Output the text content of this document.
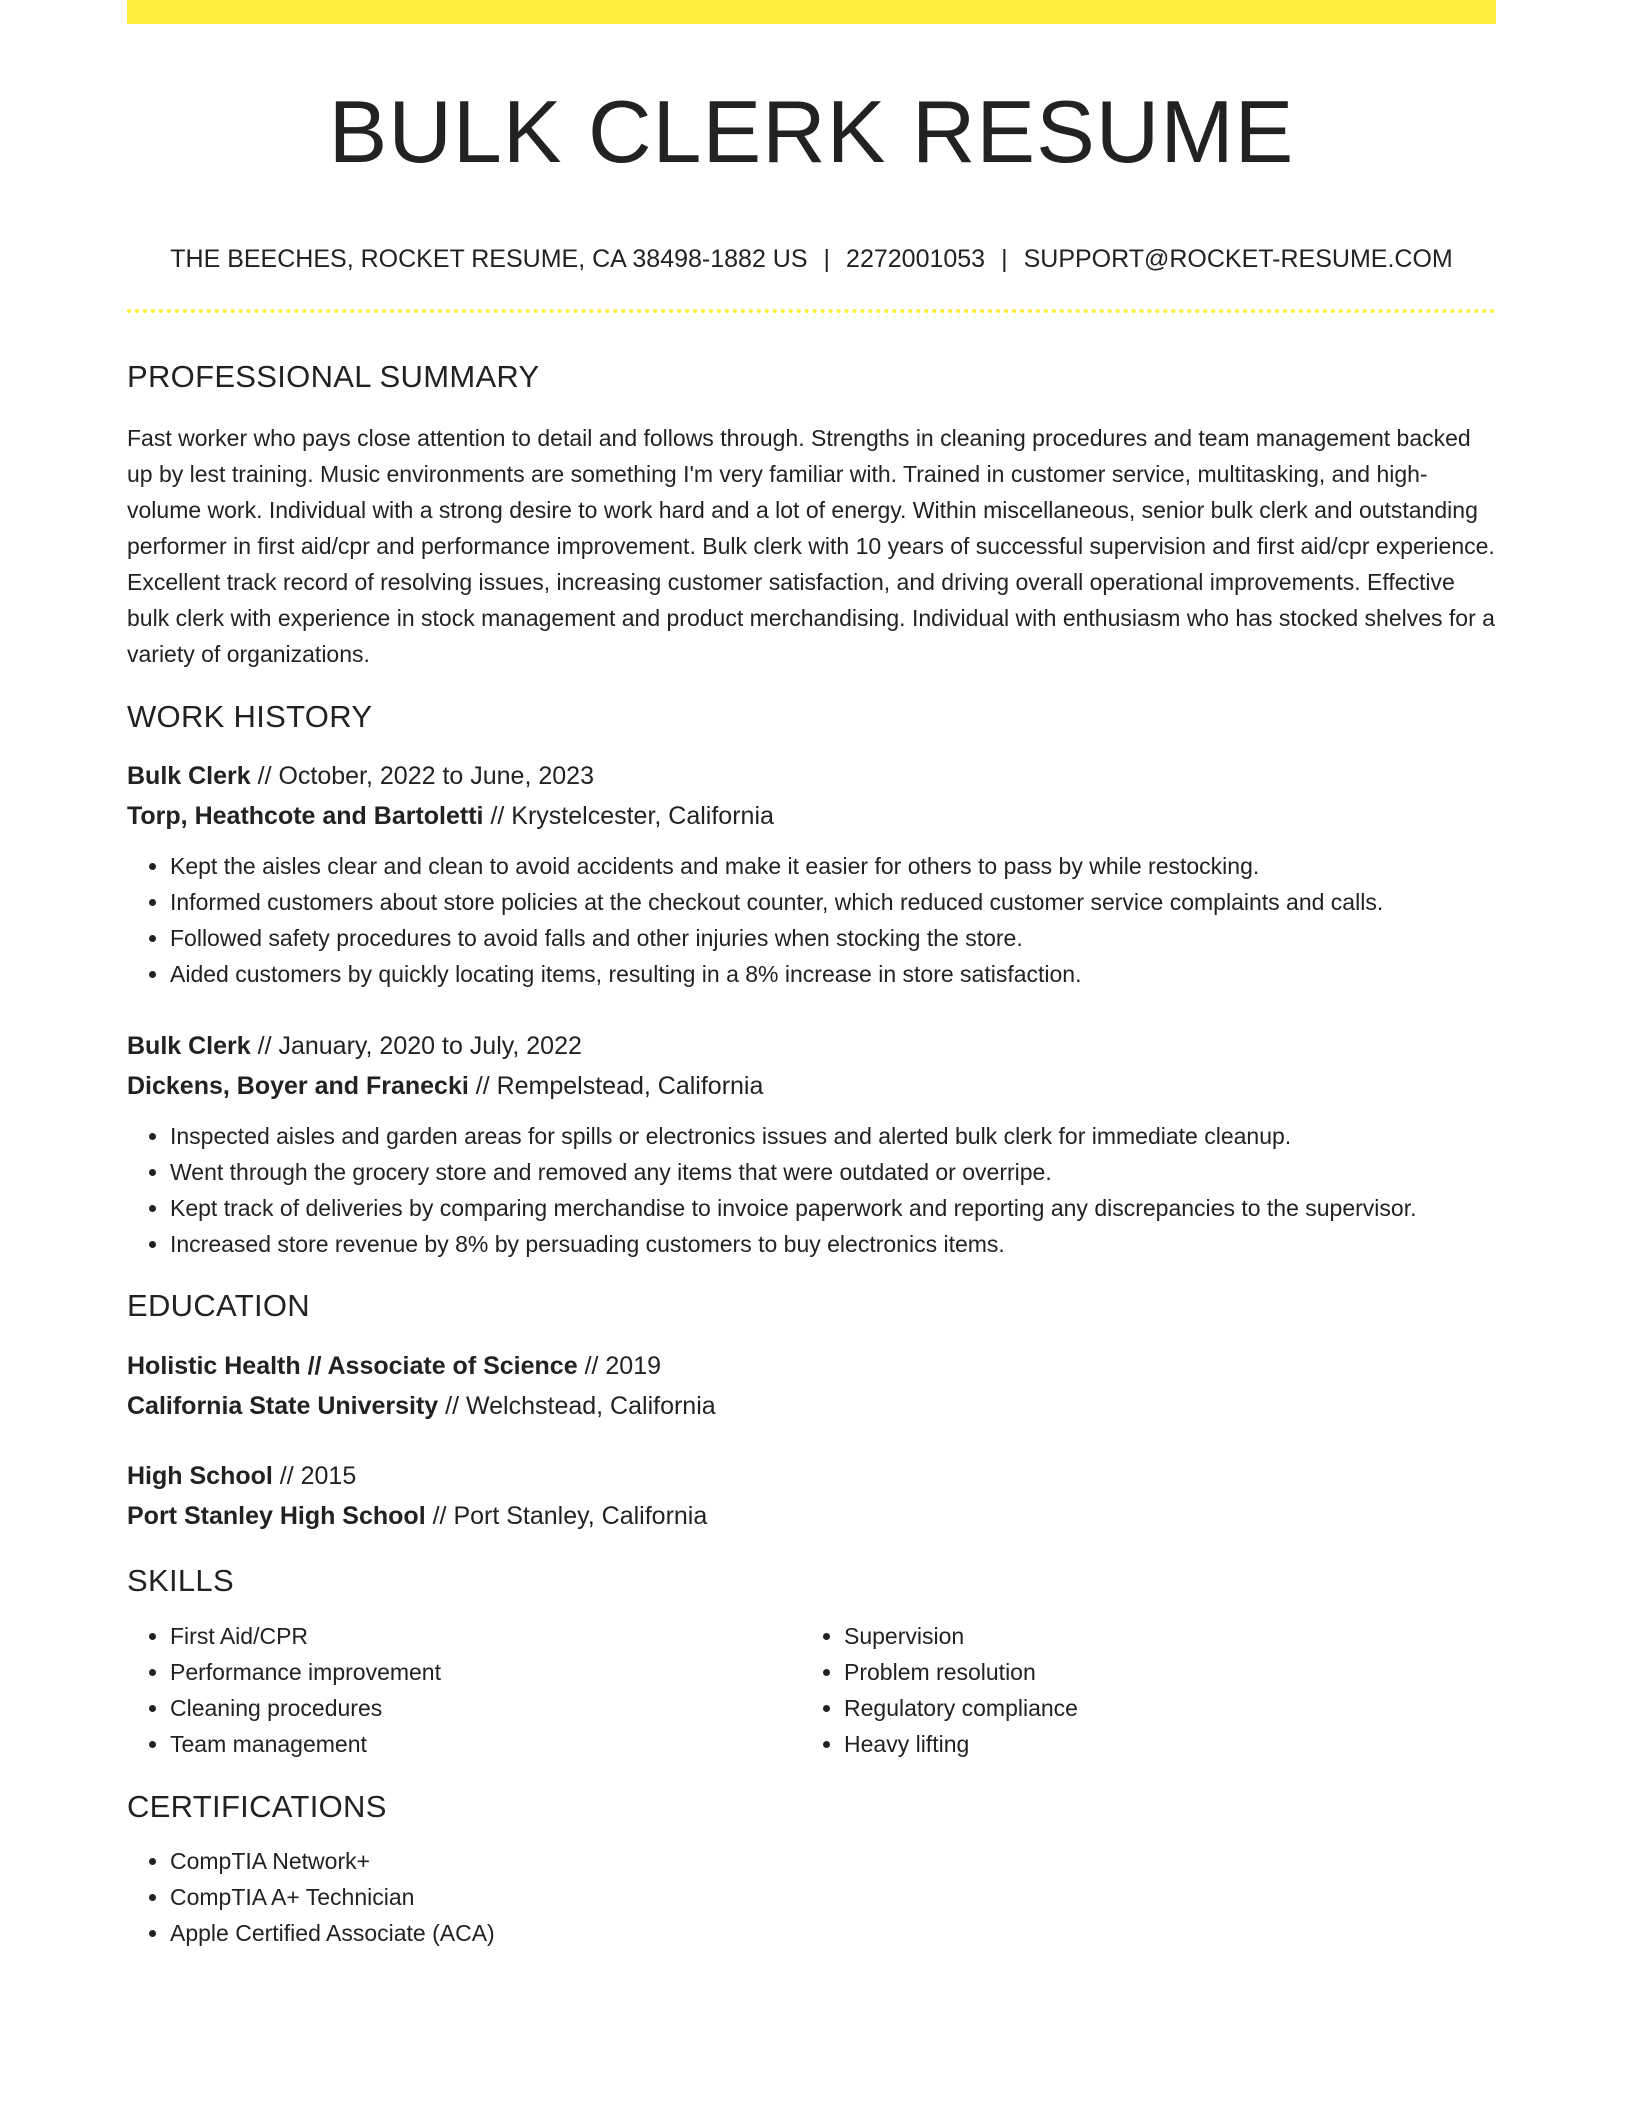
BULK CLERK RESUME
THE BEECHES, ROCKET RESUME, CA 38498-1882 US | 2272001053 | SUPPORT@ROCKET-RESUME.COM
PROFESSIONAL SUMMARY
Fast worker who pays close attention to detail and follows through. Strengths in cleaning procedures and team management backed up by lest training. Music environments are something I'm very familiar with. Trained in customer service, multitasking, and high-volume work. Individual with a strong desire to work hard and a lot of energy. Within miscellaneous, senior bulk clerk and outstanding performer in first aid/cpr and performance improvement. Bulk clerk with 10 years of successful supervision and first aid/cpr experience. Excellent track record of resolving issues, increasing customer satisfaction, and driving overall operational improvements. Effective bulk clerk with experience in stock management and product merchandising. Individual with enthusiasm who has stocked shelves for a variety of organizations.
WORK HISTORY
Bulk Clerk // October, 2022 to June, 2023
Torp, Heathcote and Bartoletti // Krystelcester, California
• Kept the aisles clear and clean to avoid accidents and make it easier for others to pass by while restocking.
• Informed customers about store policies at the checkout counter, which reduced customer service complaints and calls.
• Followed safety procedures to avoid falls and other injuries when stocking the store.
• Aided customers by quickly locating items, resulting in a 8% increase in store satisfaction.
Bulk Clerk // January, 2020 to July, 2022
Dickens, Boyer and Franecki // Rempelstead, California
• Inspected aisles and garden areas for spills or electronics issues and alerted bulk clerk for immediate cleanup.
• Went through the grocery store and removed any items that were outdated or overripe.
• Kept track of deliveries by comparing merchandise to invoice paperwork and reporting any discrepancies to the supervisor.
• Increased store revenue by 8% by persuading customers to buy electronics items.
EDUCATION
Holistic Health // Associate of Science // 2019
California State University // Welchstead, California
High School // 2015
Port Stanley High School // Port Stanley, California
SKILLS
• First Aid/CPR
• Performance improvement
• Cleaning procedures
• Team management
• Supervision
• Problem resolution
• Regulatory compliance
• Heavy lifting
CERTIFICATIONS
• CompTIA Network+
• CompTIA A+ Technician
• Apple Certified Associate (ACA)
